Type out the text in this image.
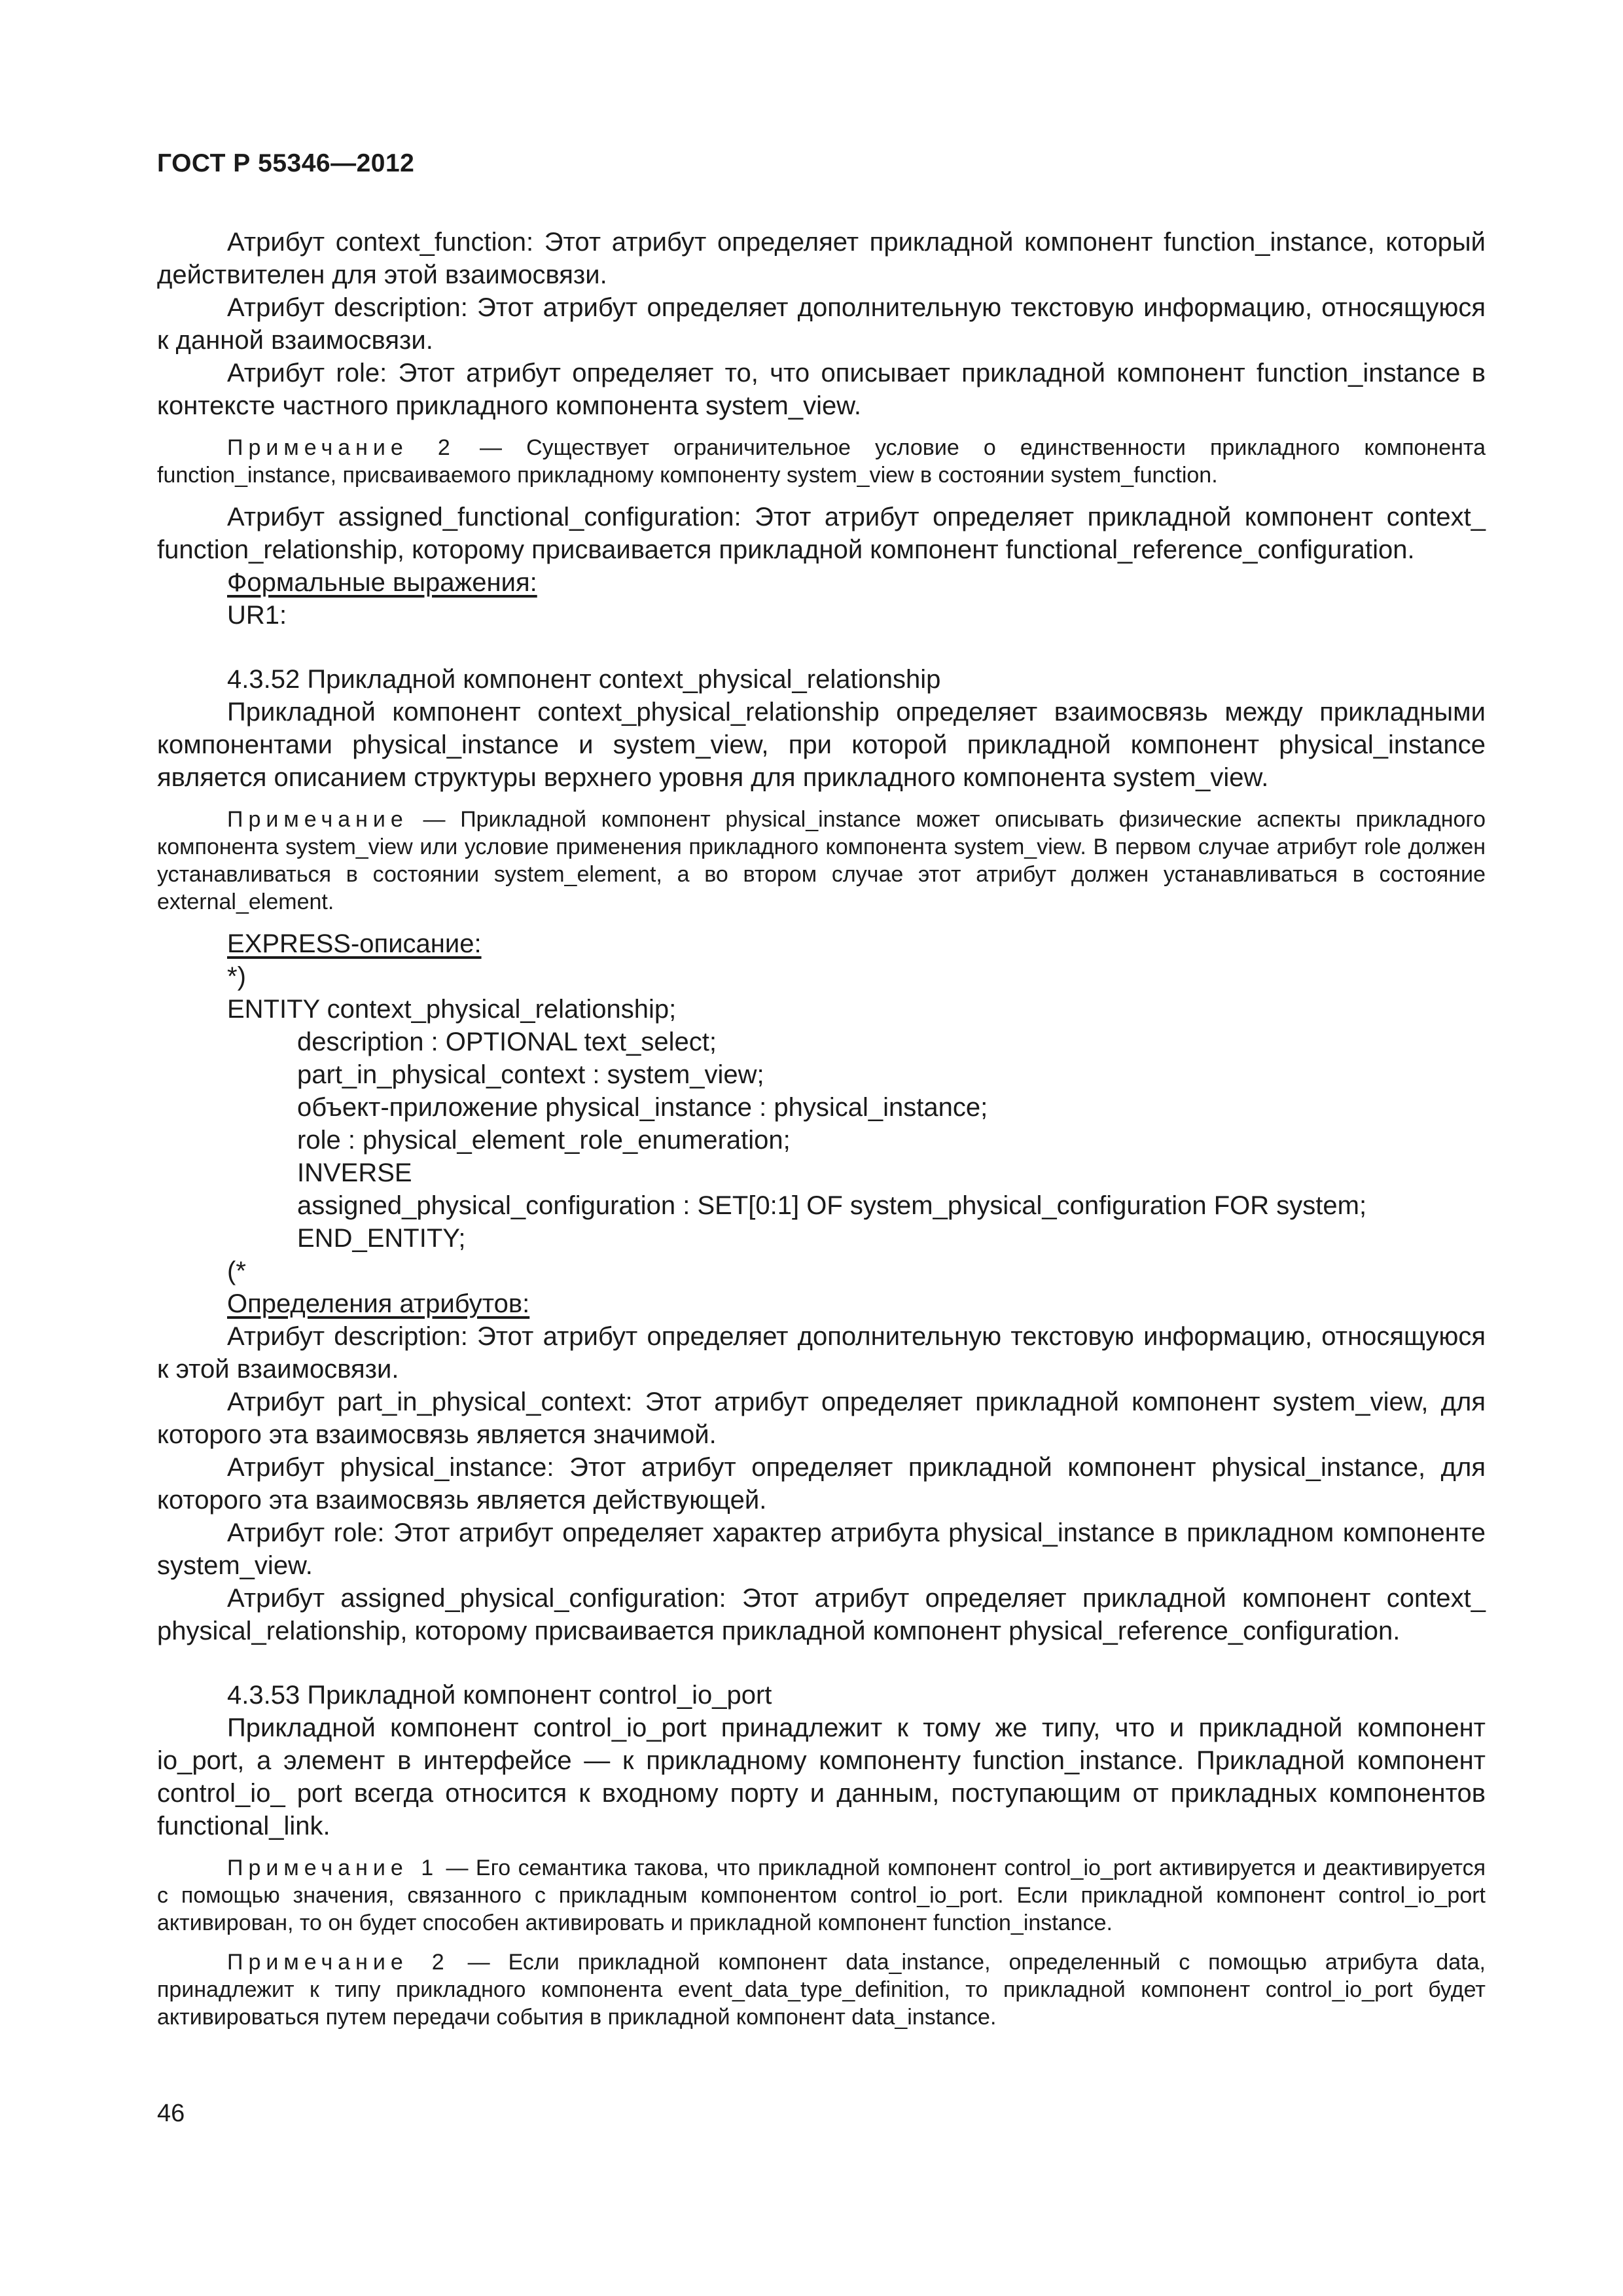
ГОСТ Р 55346—2012

Атрибут context_function: Этот атрибут определяет прикладной компонент function_instance, который действителен для этой взаимосвязи.

Атрибут description: Этот атрибут определяет дополнительную текстовую информацию, относящуюся к данной взаимосвязи.

Атрибут role: Этот атрибут определяет то, что описывает прикладной компонент function_instance в контексте частного прикладного компонента system_view.

Примечание 2 — Существует ограничительное условие о единственности прикладного компонента function_instance, присваиваемого прикладному компоненту system_view в состоянии system_function.

Атрибут assigned_functional_configuration: Этот атрибут определяет прикладной компонент context_ function_relationship, которому присваивается прикладной компонент functional_reference_configuration.

Формальные выражения:

UR1:

4.3.52 Прикладной компонент context_physical_relationship

Прикладной компонент context_physical_relationship определяет взаимосвязь между прикладными компонентами physical_instance и system_view, при которой прикладной компонент physical_instance является описанием структуры верхнего уровня для прикладного компонента system_view.

Примечание — Прикладной компонент physical_instance может описывать физические аспекты прикладного компонента system_view или условие применения прикладного компонента system_view. В первом случае атрибут role должен устанавливаться в состоянии system_element, а во втором случае этот атрибут должен устанавливаться в состояние external_element.

EXPRESS-описание:

*)
ENTITY context_physical_relationship;
description : OPTIONAL text_select;
part_in_physical_context : system_view;
объект-приложение physical_instance : physical_instance;
role : physical_element_role_enumeration;
INVERSE
assigned_physical_configuration : SET[0:1] OF system_physical_configuration FOR system;
END_ENTITY;
(*

Определения атрибутов:

Атрибут description: Этот атрибут определяет дополнительную текстовую информацию, относящуюся к этой взаимосвязи.

Атрибут part_in_physical_context: Этот атрибут определяет прикладной компонент system_view, для которого эта взаимосвязь является значимой.

Атрибут physical_instance: Этот атрибут определяет прикладной компонент physical_instance, для которого эта взаимосвязь является действующей.

Атрибут role: Этот атрибут определяет характер атрибута physical_instance в прикладном компоненте system_view.

Атрибут assigned_physical_configuration: Этот атрибут определяет прикладной компонент context_ physical_relationship, которому присваивается прикладной компонент physical_reference_configuration.

4.3.53 Прикладной компонент control_io_port

Прикладной компонент control_io_port принадлежит к тому же типу, что и прикладной компонент io_port, а элемент в интерфейсе — к прикладному компоненту function_instance. Прикладной компонент control_io_ port всегда относится к входному порту и данным, поступающим от прикладных компонентов functional_link.

Примечание 1 — Его семантика такова, что прикладной компонент control_io_port активируется и деактивируется с помощью значения, связанного с прикладным компонентом control_io_port. Если прикладной компонент control_io_port активирован, то он будет способен активировать и прикладной компонент function_instance.

Примечание 2 — Если прикладной компонент data_instance, определенный с помощью атрибута data, принадлежит к типу прикладного компонента event_data_type_definition, то прикладной компонент control_io_port будет активироваться путем передачи события в прикладной компонент data_instance.

46
